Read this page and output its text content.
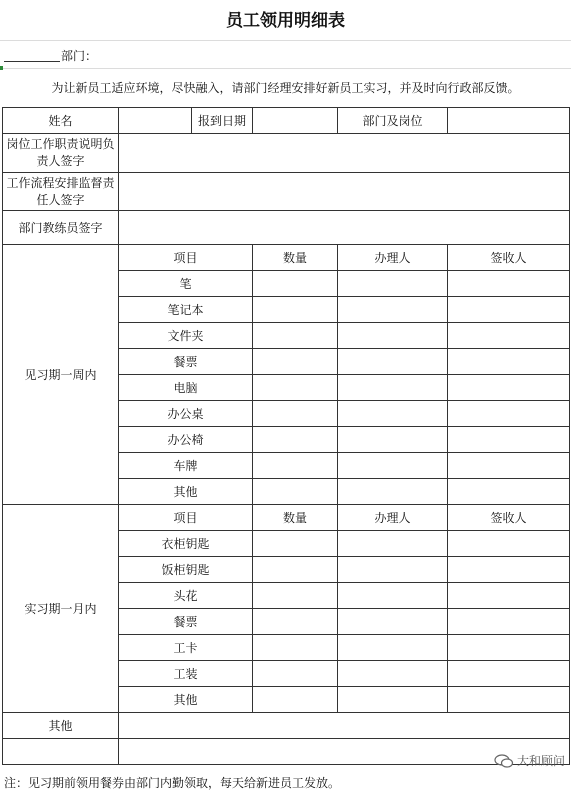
员工领用明细表
部门：
为让新员工适应环境，尽快融入，请部门经理安排好新员工实习，并及时向行政部反馈。
姓名		报到日期		部门及岗位	
岗位工作职责说明负责人签字					
工作流程安排监督责任人签字					
部门教练员签字					
见习期一周内	项目		数量	办理人	签收人
	笔				
	笔记本				
	文件夹				
	餐票				
	电脑				
	办公桌				
	办公椅				
	车牌				
	其他				
实习期一月内	项目		数量	办理人	签收人
	衣柜钥匙				
	饭柜钥匙				
	头花				
	餐票				
	工卡				
	工装				
	其他				
其他					

注：见习期前领用餐券由部门内勤领取，每天给新进员工发放。
大和顾问
